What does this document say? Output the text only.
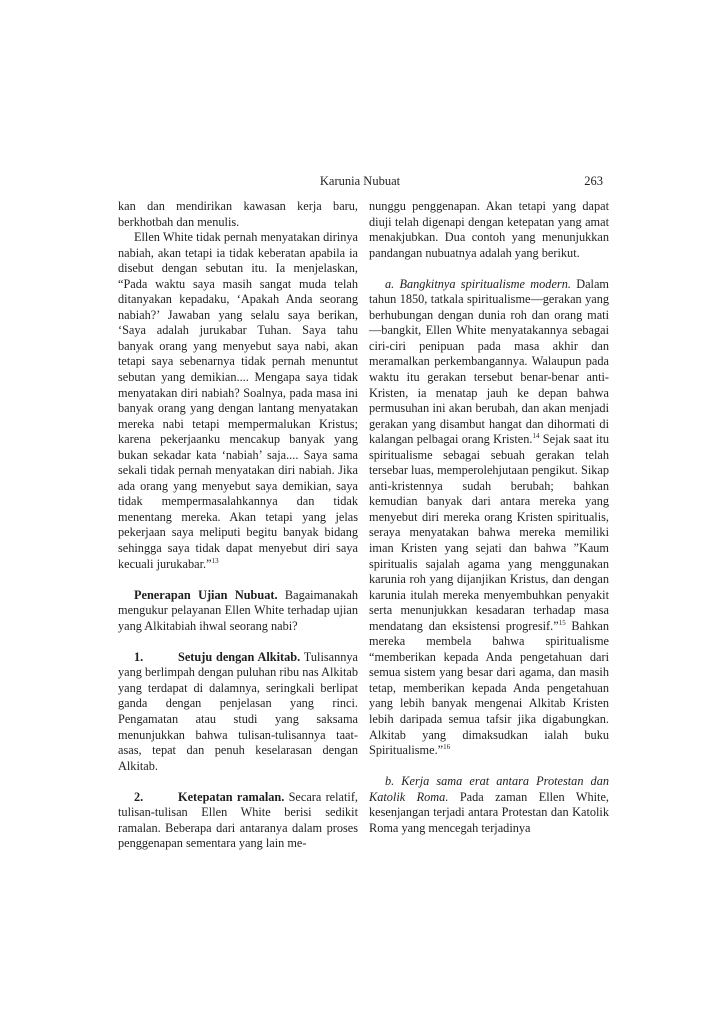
Karunia Nubuat	263

kan dan mendirikan kawasan kerja baru, berkhotbah dan menulis.

Ellen White tidak pernah menyatakan dirinya nabiah, akan tetapi ia tidak keberatan apabila ia disebut dengan sebutan itu. Ia menjelaskan, “Pada waktu saya masih sangat muda telah ditanyakan kepadaku, ‘Apakah Anda seorang nabiah?’ Jawaban yang selalu saya berikan, ‘Saya adalah jurukabar Tuhan. Saya tahu banyak orang yang menyebut saya nabi, akan tetapi saya sebenarnya tidak pernah menuntut sebutan yang demikian.... Mengapa saya tidak menyatakan diri nabiah? Soalnya, pada masa ini banyak orang yang dengan lantang menyatakan mereka nabi tetapi mempermalukan Kristus; karena pekerjaanku mencakup banyak yang bukan sekadar kata ‘nabiah’ saja.... Saya sama sekali tidak pernah menyatakan diri nabiah. Jika ada orang yang menyebut saya demikian, saya tidak mempermasalahkannya dan tidak menentang mereka. Akan tetapi yang jelas pekerjaan saya meliputi begitu banyak bidang sehingga saya tidak dapat menyebut diri saya kecuali jurukabar.”$^{13}$

Penerapan Ujian Nubuat. Bagaimanakah mengukur pelayanan Ellen White terhadap ujian yang Alkitabiah ihwal seorang nabi?

1.	Setuju dengan Alkitab. Tulisannya yang berlimpah dengan puluhan ribu nas Alkitab yang terdapat di dalamnya, seringkali berlipat ganda dengan penjelasan yang rinci. Pengamatan atau studi yang saksama menunjukkan bahwa tulisan-tulisannya taat-asas, tepat dan penuh keselarasan dengan Alkitab.

2.	Ketepatan ramalan. Secara relatif, tulisan-tulisan Ellen White berisi sedikit ramalan. Beberapa dari antaranya dalam proses penggenapan sementara yang lain me-

nunggu penggenapan. Akan tetapi yang dapat diuji telah digenapi dengan ketepatan yang amat menakjubkan. Dua contoh yang menunjukkan pandangan nubuatnya adalah yang berikut.

a. Bangkitnya spiritualisme modern. Dalam tahun 1850, tatkala spiritualisme—gerakan yang berhubungan dengan dunia roh dan orang mati—bangkit, Ellen White menyatakannya sebagai ciri-ciri penipuan pada masa akhir dan meramalkan perkembangannya. Walaupun pada waktu itu gerakan tersebut benar-benar anti-Kristen, ia menatap jauh ke depan bahwa permusuhan ini akan berubah, dan akan menjadi gerakan yang disambut hangat dan dihormati di kalangan pelbagai orang Kristen.$^{14}$ Sejak saat itu spiritualisme sebagai sebuah gerakan telah tersebar luas, memperolehjutaan pengikut. Sikap anti-kristennya sudah berubah; bahkan kemudian banyak dari antara mereka yang menyebut diri mereka orang Kristen spiritualis, seraya menyatakan bahwa mereka memiliki iman Kristen yang sejati dan bahwa ”Kaum spiritualis sajalah agama yang menggunakan karunia roh yang dijanjikan Kristus, dan dengan karunia itulah mereka menyembuhkan penyakit serta menunjukkan kesadaran terhadap masa mendatang dan eksistensi progresif.”$^{15}$ Bahkan mereka membela bahwa spiritualisme “memberikan kepada Anda pengetahuan dari semua sistem yang besar dari agama, dan masih tetap, memberikan kepada Anda pengetahuan yang lebih banyak mengenai Alkitab Kristen lebih daripada semua tafsir jika digabungkan. Alkitab yang dimaksudkan ialah buku Spiritualisme.”$^{16}$

b. Kerja sama erat antara Protestan dan Katolik Roma. Pada zaman Ellen White, kesenjangan terjadi antara Protestan dan Katolik Roma yang mencegah terjadinya
